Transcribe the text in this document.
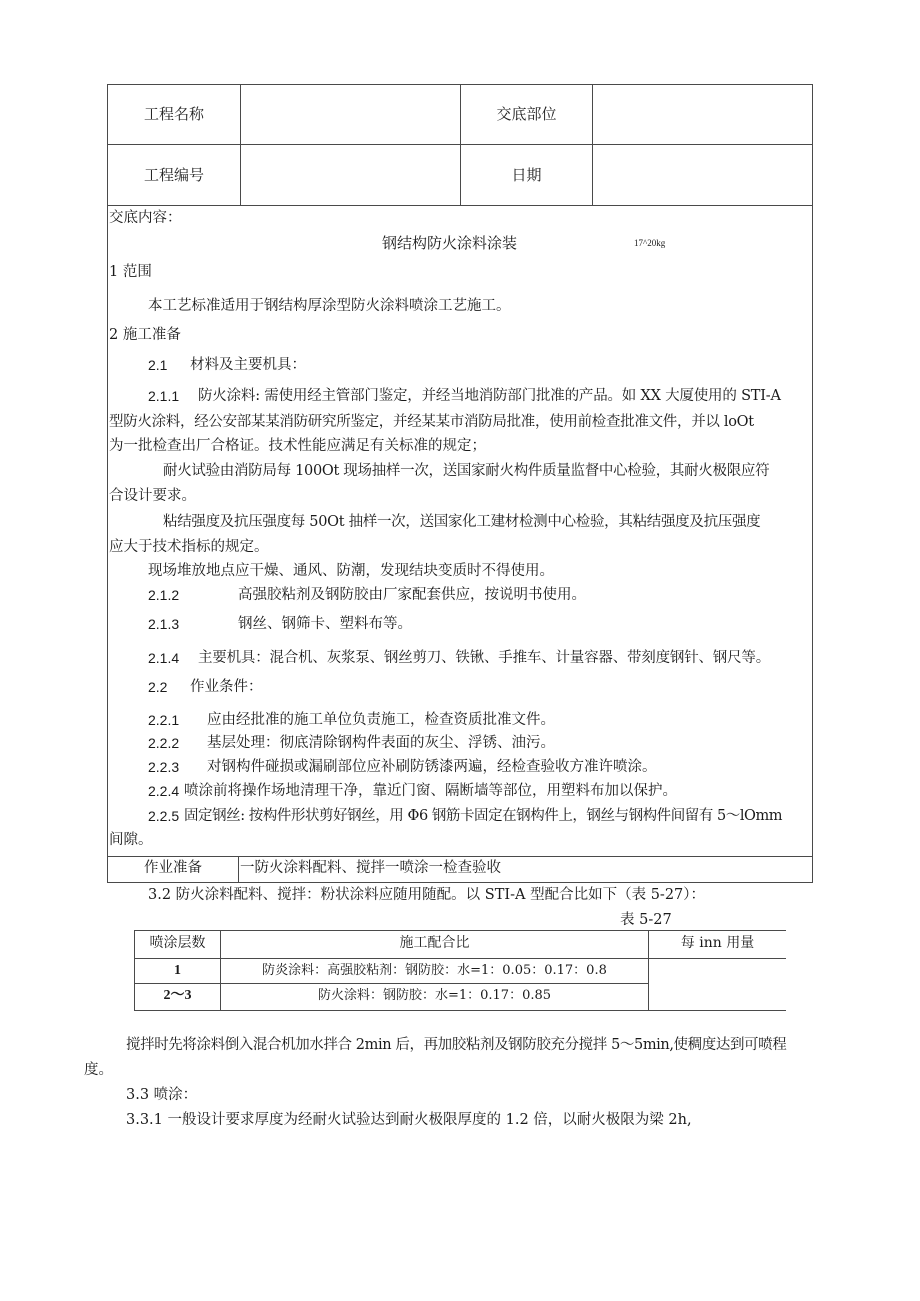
工程名称	交底部位
工程编号	日期
交底内容：
钢结构防火涂料涂装	17^20kg
1 范围
本工艺标准适用于钢结构厚涂型防火涂料喷涂工艺施工。
2 施工准备
2.1 材料及主要机具：
2.1.1 防火涂料: 需使用经主管部门鉴定，并经当地消防部门批准的产品。如 XX 大厦使用的 STI-A
型防火涂料，经公安部某某消防研究所鉴定，并经某某市消防局批准，使用前检查批准文件，并以 loOt
为一批检查出厂合格证。技术性能应满足有关标准的规定；
耐火试验由消防局每 100Ot 现场抽样一次，送国家耐火构件质量监督中心检验，其耐火极限应符
合设计要求。
粘结强度及抗压强度每 50Ot 抽样一次，送国家化工建材检测中心检验，其粘结强度及抗压强度
应大于技术指标的规定。
现场堆放地点应干燥、通风、防潮，发现结块变质时不得使用。
2.1.2	高强胶粘剂及钢防胶由厂家配套供应，按说明书使用。
2.1.3	钢丝、钢筛卡、塑料布等。
2.1.4 主要机具：混合机、灰浆泵、钢丝剪刀、铁锹、手推车、计量容器、带刻度钢针、钢尺等。
2.2 作业条件：
2.2.1 应由经批准的施工单位负责施工，检查资质批准文件。
2.2.2 基层处理：彻底清除钢构件表面的灰尘、浮锈、油污。
2.2.3 对钢构件碰损或漏刷部位应补刷防锈漆两遍，经检查验收方准许喷涂。
2.2.4 喷涂前将操作场地清理干净，靠近门窗、隔断墙等部位，用塑料布加以保护。
2.2.5 固定钢丝: 按构件形状剪好钢丝，用 Φ6 钢筋卡固定在钢构件上，钢丝与钢构件间留有 5～lOmm
间隙。
作业准备	一防火涂料配料、搅拌一喷涂一检查验收
3.2 防火涂料配料、搅拌：粉状涂料应随用随配。以 STI-A 型配合比如下（表 5-27）：
表 5-27
喷涂层数	施工配合比	每 inn 用量
1	防炎涂料：高强胶粘剂：钢防胶：水=1：0.05：0.17：0.8
2～3	防火涂料：钢防胶：水=1：0.17：0.85
搅拌时先将涂料倒入混合机加水拌合 2min 后，再加胶粘剂及钢防胶充分搅拌 5～5min,使稠度达到可喷程
度。
3.3 喷涂：
3.3.1 一般设计要求厚度为经耐火试验达到耐火极限厚度的 1.2 倍，以耐火极限为梁 2h,
